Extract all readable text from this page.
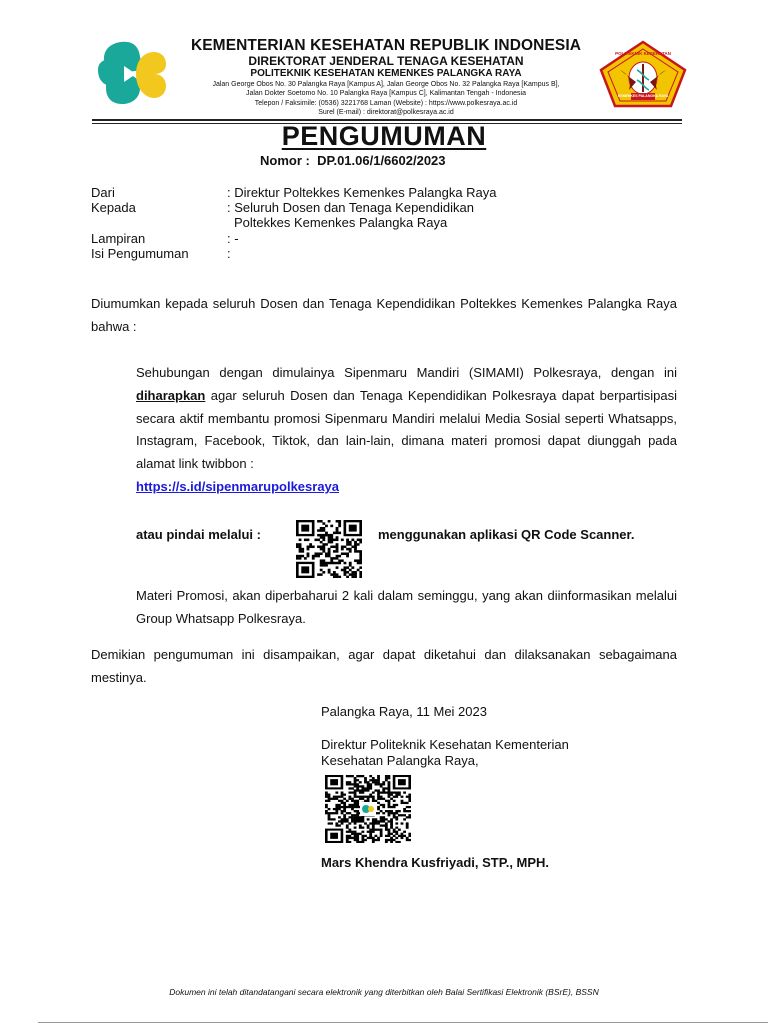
KEMENTERIAN KESEHATAN REPUBLIK INDONESIA
DIREKTORAT JENDERAL TENAGA KESEHATAN
POLITEKNIK KESEHATAN KEMENKES PALANGKA RAYA
Jalan George Obos No. 30 Palangka Raya [Kampus A], Jalan George Obos No. 32 Palangka Raya [Kampus B],
Jalan Dokter Soetomo No. 10 Palangka Raya [Kampus C], Kalimantan Tengah - Indonesia
Telepon / Faksimile: (0536) 3221768 Laman (Website) : https://www.polkesraya.ac.id
Surel (E-mail) : direktorat@polkesraya.ac.id
POLITEKNIK KESEHATAN
KEMENKES PALANGKA RAYA
PENGUMUMAN
Nomor : DP.01.06/1/6602/2023
Dari	: Direktur Poltekkes Kemenkes Palangka Raya
Kepada	: Seluruh Dosen dan Tenaga Kependidikan
Poltekkes Kemenkes Palangka Raya
Lampiran	: -
Isi Pengumuman	:
Diumumkan kepada seluruh Dosen dan Tenaga Kependidikan Poltekkes Kemenkes Palangka Raya bahwa :
Sehubungan dengan dimulainya Sipenmaru Mandiri (SIMAMI) Polkesraya, dengan ini diharapkan agar seluruh Dosen dan Tenaga Kependidikan Polkesraya dapat berpartisipasi secara aktif membantu promosi Sipenmaru Mandiri melalui Media Sosial seperti Whatsapps, Instagram, Facebook, Tiktok, dan lain-lain, dimana materi promosi dapat diunggah pada alamat link twibbon :
https://s.id/sipenmarupolkesraya
atau pindai melalui :	menggunakan aplikasi QR Code Scanner.
Materi Promosi, akan diperbaharui 2 kali dalam seminggu, yang akan diinformasikan melalui Group Whatsapp Polkesraya.
Demikian pengumuman ini disampaikan, agar dapat diketahui dan dilaksanakan sebagaimana mestinya.
Palangka Raya, 11 Mei 2023
Direktur Politeknik Kesehatan Kementerian
Kesehatan Palangka Raya,
Mars Khendra Kusfriyadi, STP., MPH.
Dokumen ini telah ditandatangani secara elektronik yang diterbitkan oleh Balai Sertifikasi Elektronik (BSrE), BSSN
